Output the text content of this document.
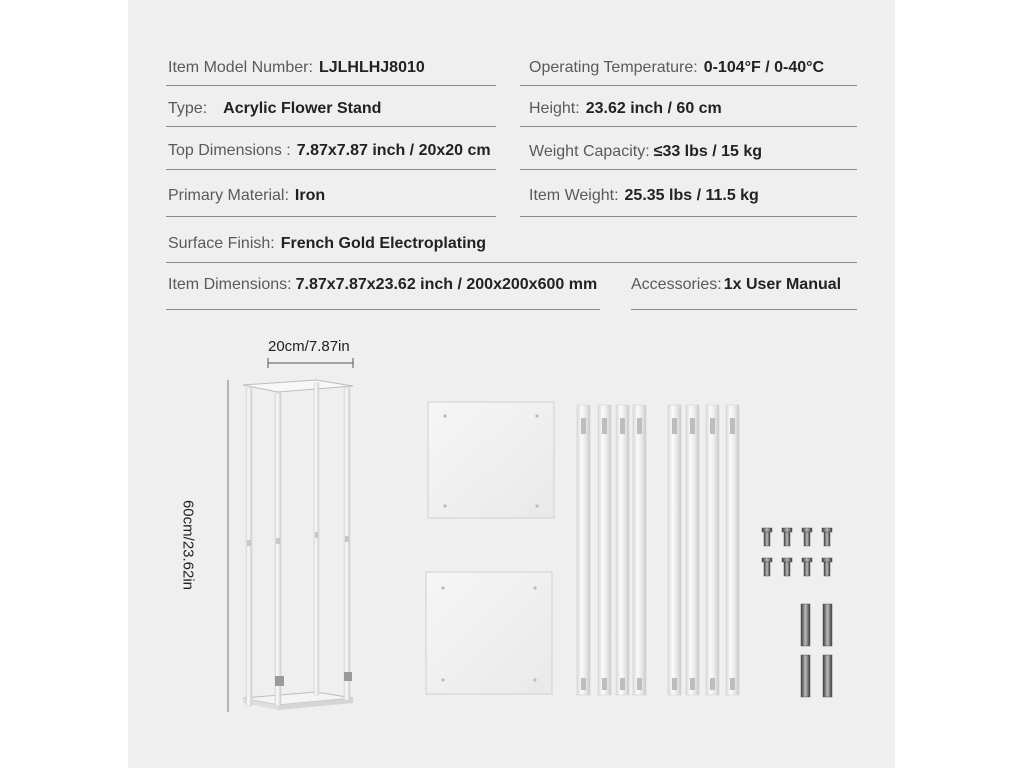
Item Model Number: LJLHLHJ8010	Operating Temperature: 0-104°F / 0-40°C
Type: Acrylic Flower Stand	Height: 23.62 inch / 60 cm
Top Dimensions : 7.87x7.87 inch / 20x20 cm Weight Capacity: ≤33 lbs / 15 kg
Primary Material: Iron	Item Weight: 25.35 lbs / 11.5 kg
Surface Finish: French Gold Electroplating
Item Dimensions: 7.87x7.87x23.62 inch / 200x200x600 mm Accessories: 1x User Manual
20cm/7.87in
60cm/23.62in
